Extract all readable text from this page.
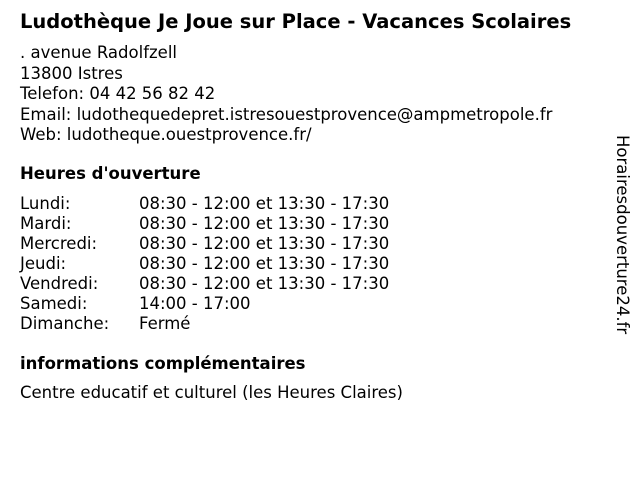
Ludothèque Je Joue sur Place - Vacances Scolaires
. avenue Radolfzell
13800 Istres
Telefon: 04 42 56 82 42
Email: ludothequedepret.istresouestprovence@ampmetropole.fr
Web: ludotheque.ouestprovence.fr/
Heures d'ouverture
Lundi:	08:30 - 12:00 et 13:30 - 17:30
Mardi:	08:30 - 12:00 et 13:30 - 17:30
Mercredi:	08:30 - 12:00 et 13:30 - 17:30
Jeudi:	08:30 - 12:00 et 13:30 - 17:30
Vendredi:	08:30 - 12:00 et 13:30 - 17:30
Samedi:	14:00 - 17:00
Dimanche:	Fermé
informations complémentaires
Centre educatif et culturel (les Heures Claires)
Horairesdouverture24.fr
